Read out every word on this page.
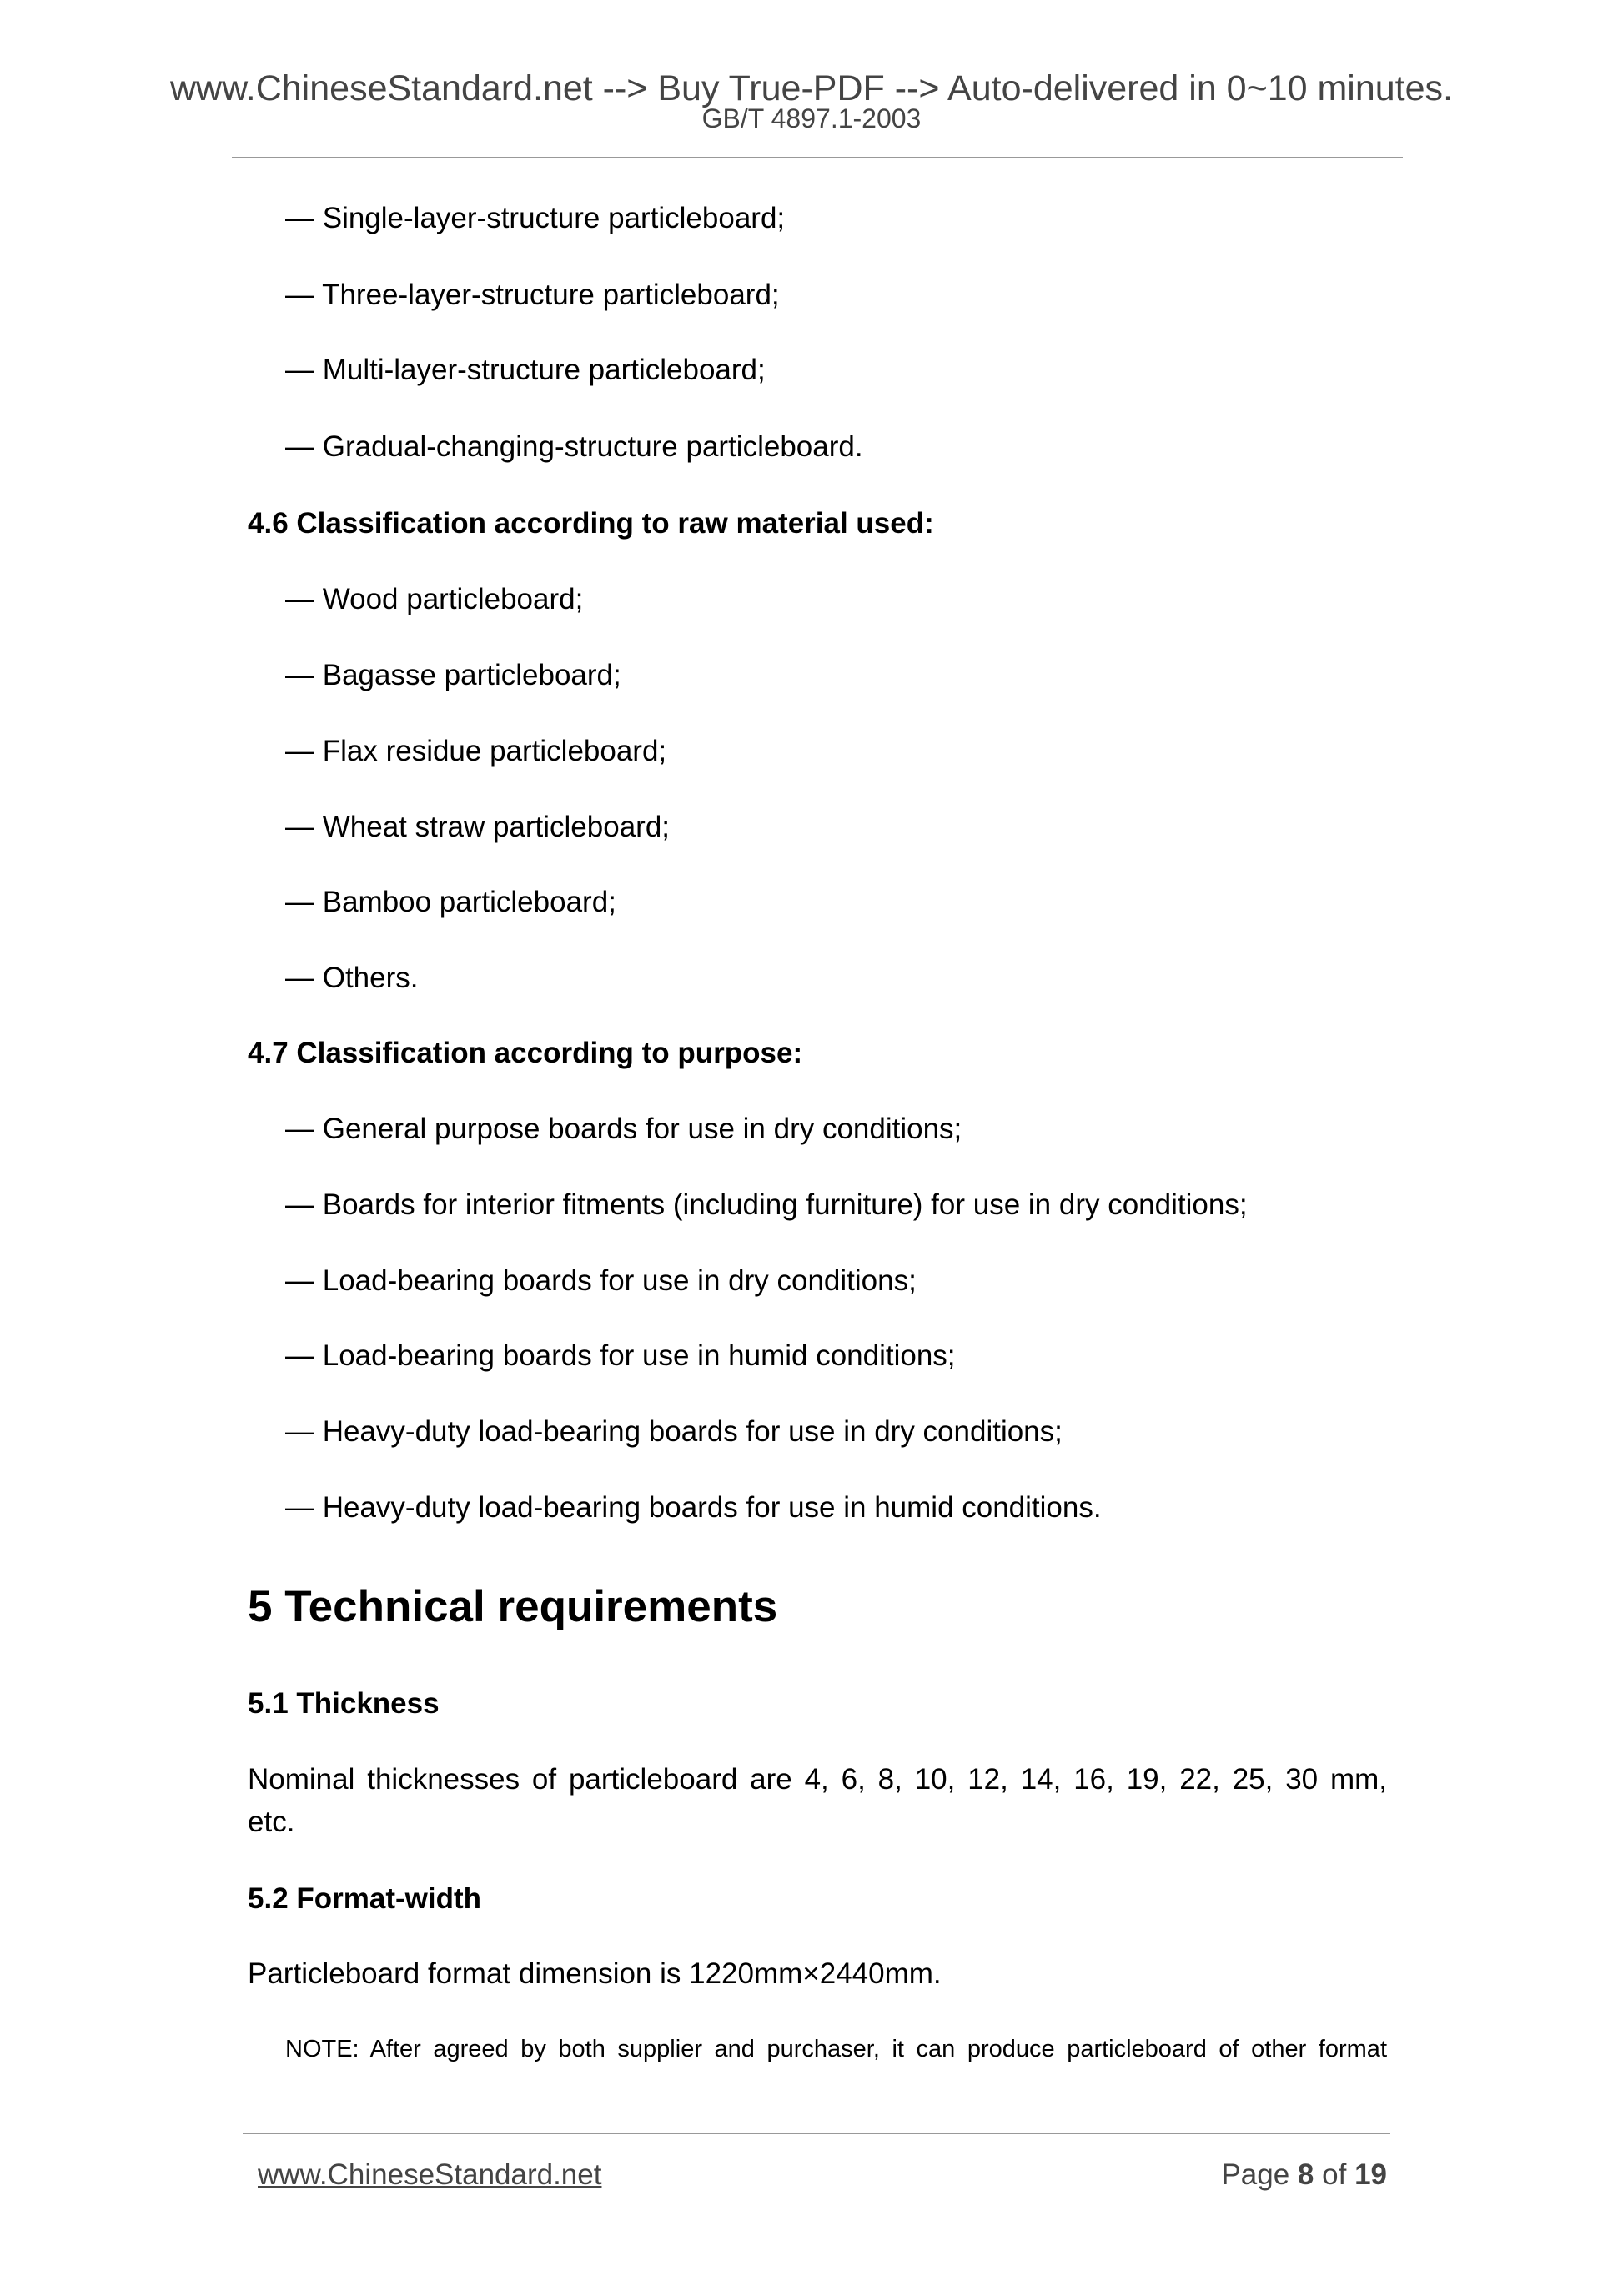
www.ChineseStandard.net --> Buy True-PDF --> Auto-delivered in 0~10 minutes.
GB/T 4897.1-2003
— Single-layer-structure particleboard;
— Three-layer-structure particleboard;
— Multi-layer-structure particleboard;
— Gradual-changing-structure particleboard.
4.6 Classification according to raw material used:
— Wood particleboard;
— Bagasse particleboard;
— Flax residue particleboard;
— Wheat straw particleboard;
— Bamboo particleboard;
— Others.
4.7 Classification according to purpose:
— General purpose boards for use in dry conditions;
— Boards for interior fitments (including furniture) for use in dry conditions;
— Load-bearing boards for use in dry conditions;
— Load-bearing boards for use in humid conditions;
— Heavy-duty load-bearing boards for use in dry conditions;
— Heavy-duty load-bearing boards for use in humid conditions.
5 Technical requirements
5.1 Thickness
Nominal thicknesses of particleboard are 4, 6, 8, 10, 12, 14, 16, 19, 22, 25, 30 mm,
etc.
5.2 Format-width
Particleboard format dimension is 1220mm×2440mm.
NOTE: After agreed by both supplier and purchaser, it can produce particleboard of other format
www.ChineseStandard.net	Page 8 of 19
